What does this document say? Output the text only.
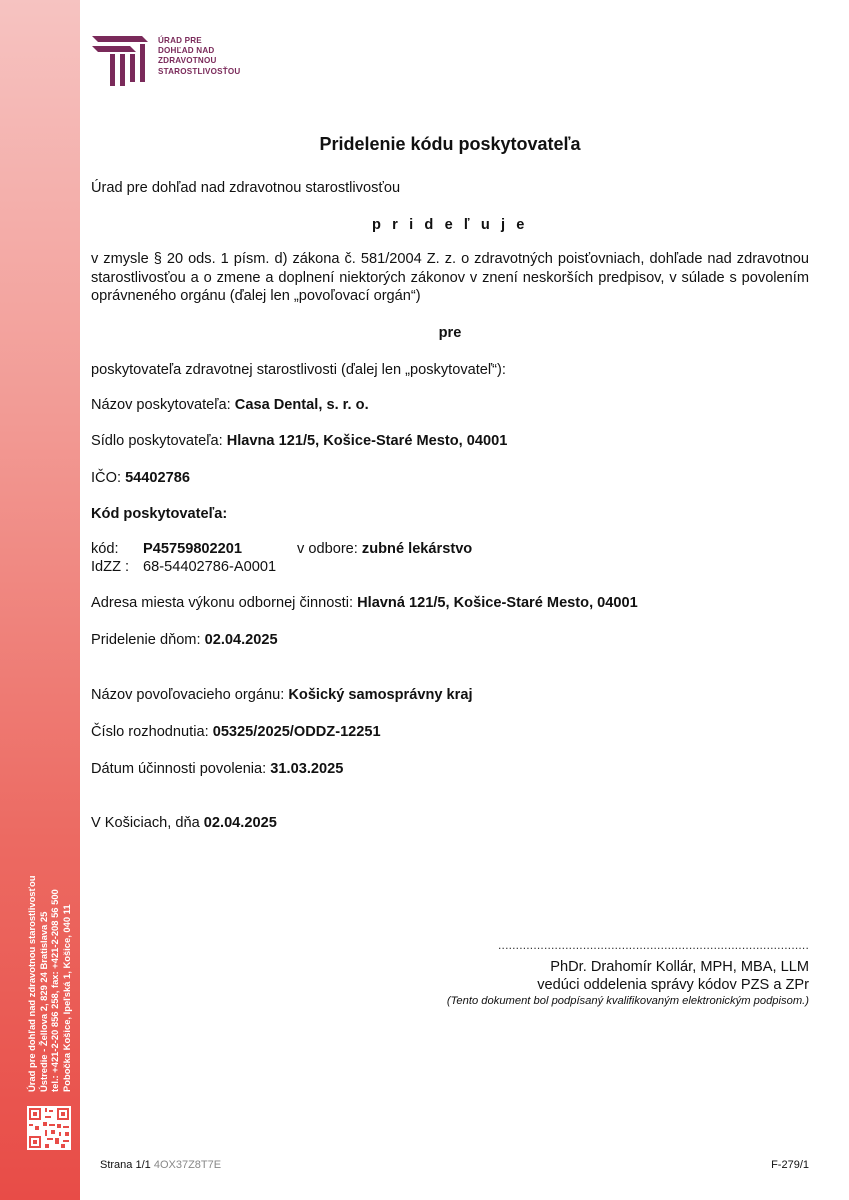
Úrad pre dohľad nad zdravotnou starostlivosťou Ústredie - Žellova 2, 829 24 Bratislava 25 tel.: +421-2-20 856 258, fax: +421-2-208 56 500 Pobočka Košice, Ipeľská 1, Košice, 040 11
ÚRAD PRE
DOHĽAD NAD
ZDRAVOTNOU
STAROSTLIVOSŤOU
Pridelenie kódu poskytovateľa
Úrad pre dohľad nad zdravotnou starostlivosťou
p r i d e ľ u j e
v zmysle § 20 ods. 1 písm. d) zákona č. 581/2004 Z. z. o zdravotných poisťovniach, dohľade nad zdravotnou starostlivosťou a o zmene a doplnení niektorých zákonov v znení neskorších predpisov, v súlade s povolením oprávneného orgánu (ďalej len „povoľovací orgán“)
pre
poskytovateľa zdravotnej starostlivosti (ďalej len „poskytovateľ“):
Názov poskytovateľa: Casa Dental, s. r. o.
Sídlo poskytovateľa: Hlavna 121/5, Košice-Staré Mesto, 04001
IČO: 54402786
Kód poskytovateľa:
kód: P45759802201	v odbore: zubné lekárstvo
IdZZ : 68-54402786-A0001
Adresa miesta výkonu odbornej činnosti: Hlavná 121/5, Košice-Staré Mesto, 04001
Pridelenie dňom: 02.04.2025
Názov povoľovacieho orgánu: Košický samosprávny kraj
Číslo rozhodnutia: 05325/2025/ODDZ-12251
Dátum účinnosti povolenia: 31.03.2025
V Košiciach, dňa 02.04.2025
........................................................................................
PhDr. Drahomír Kollár, MPH, MBA, LLM
vedúci oddelenia správy kódov PZS a ZPr
(Tento dokument bol podpísaný kvalifikovaným elektronickým podpisom.)
Strana 1/1 4OX37Z8T7E	F-279/1
